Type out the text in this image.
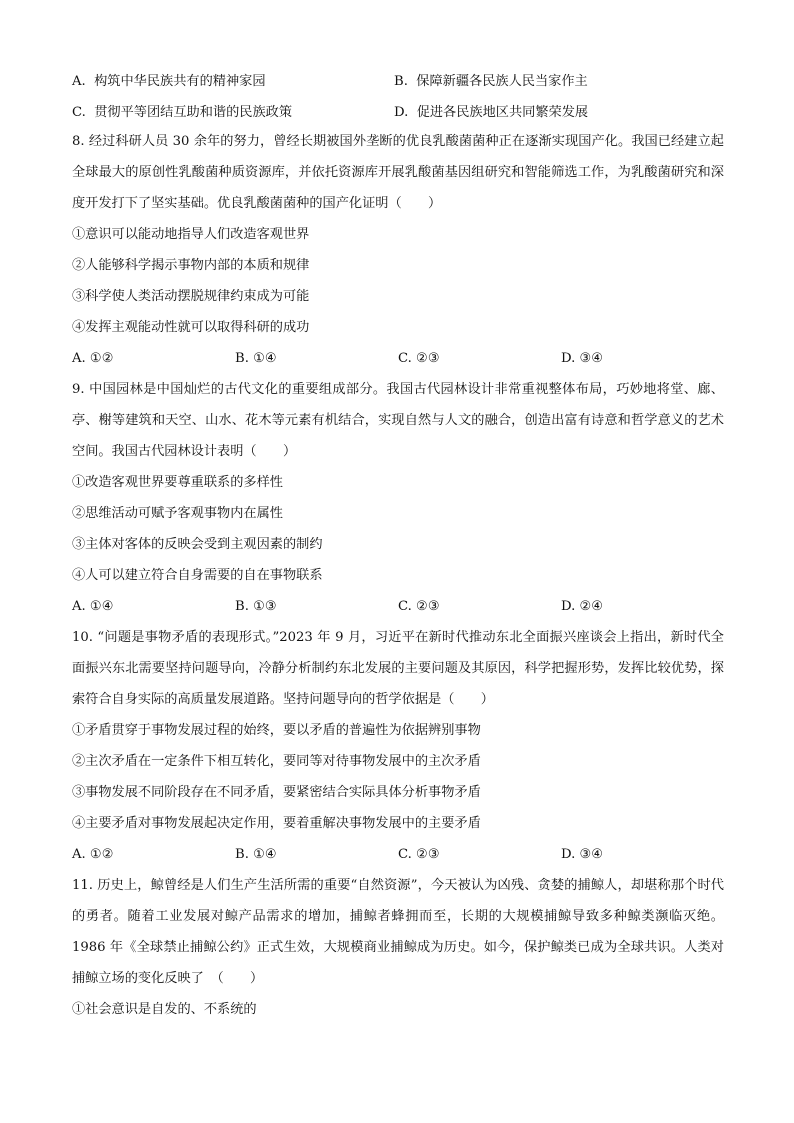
A. 构筑中华民族共有的精神家园	B. 保障新疆各民族人民当家作主
C. 贯彻平等团结互助和谐的民族政策	D. 促进各民族地区共同繁荣发展
8. 经过科研人员 30 余年的努力，曾经长期被国外垄断的优良乳酸菌菌种正在逐渐实现国产化。我国已经建立起全球最大的原创性乳酸菌种质资源库，并依托资源库开展乳酸菌基因组研究和智能筛选工作，为乳酸菌研究和深度开发打下了坚实基础。优良乳酸菌菌种的国产化证明（　　）
①意识可以能动地指导人们改造客观世界
②人能够科学揭示事物内部的本质和规律
③科学使人类活动摆脱规律约束成为可能
④发挥主观能动性就可以取得科研的成功
A. ①②	B. ①④	C. ②③	D. ③④
9. 中国园林是中国灿烂的古代文化的重要组成部分。我国古代园林设计非常重视整体布局，巧妙地将堂、廊、亭、榭等建筑和天空、山水、花木等元素有机结合，实现自然与人文的融合，创造出富有诗意和哲学意义的艺术空间。我国古代园林设计表明（　　）
①改造客观世界要尊重联系的多样性
②思维活动可赋予客观事物内在属性
③主体对客体的反映会受到主观因素的制约
④人可以建立符合自身需要的自在事物联系
A. ①④	B. ①③	C. ②③	D. ②④
10. “问题是事物矛盾的表现形式。”2023 年 9 月，习近平在新时代推动东北全面振兴座谈会上指出，新时代全面振兴东北需要坚持问题导向，冷静分析制约东北发展的主要问题及其原因，科学把握形势，发挥比较优势，探索符合自身实际的高质量发展道路。坚持问题导向的哲学依据是（　　）
①矛盾贯穿于事物发展过程的始终，要以矛盾的普遍性为依据辨别事物
②主次矛盾在一定条件下相互转化，要同等对待事物发展中的主次矛盾
③事物发展不同阶段存在不同矛盾，要紧密结合实际具体分析事物矛盾
④主要矛盾对事物发展起决定作用，要着重解决事物发展中的主要矛盾
A. ①②	B. ①④	C. ②③	D. ③④
11. 历史上，鲸曾经是人们生产生活所需的重要“自然资源”，今天被认为凶残、贪婪的捕鲸人，却堪称那个时代的勇者。随着工业发展对鲸产品需求的增加，捕鲸者蜂拥而至，长期的大规模捕鲸导致多种鲸类濒临灭绝。1986 年《全球禁止捕鲸公约》正式生效，大规模商业捕鲸成为历史。如今，保护鲸类已成为全球共识。人类对捕鲸立场的变化反映了　（　　）
①社会意识是自发的、不系统的
